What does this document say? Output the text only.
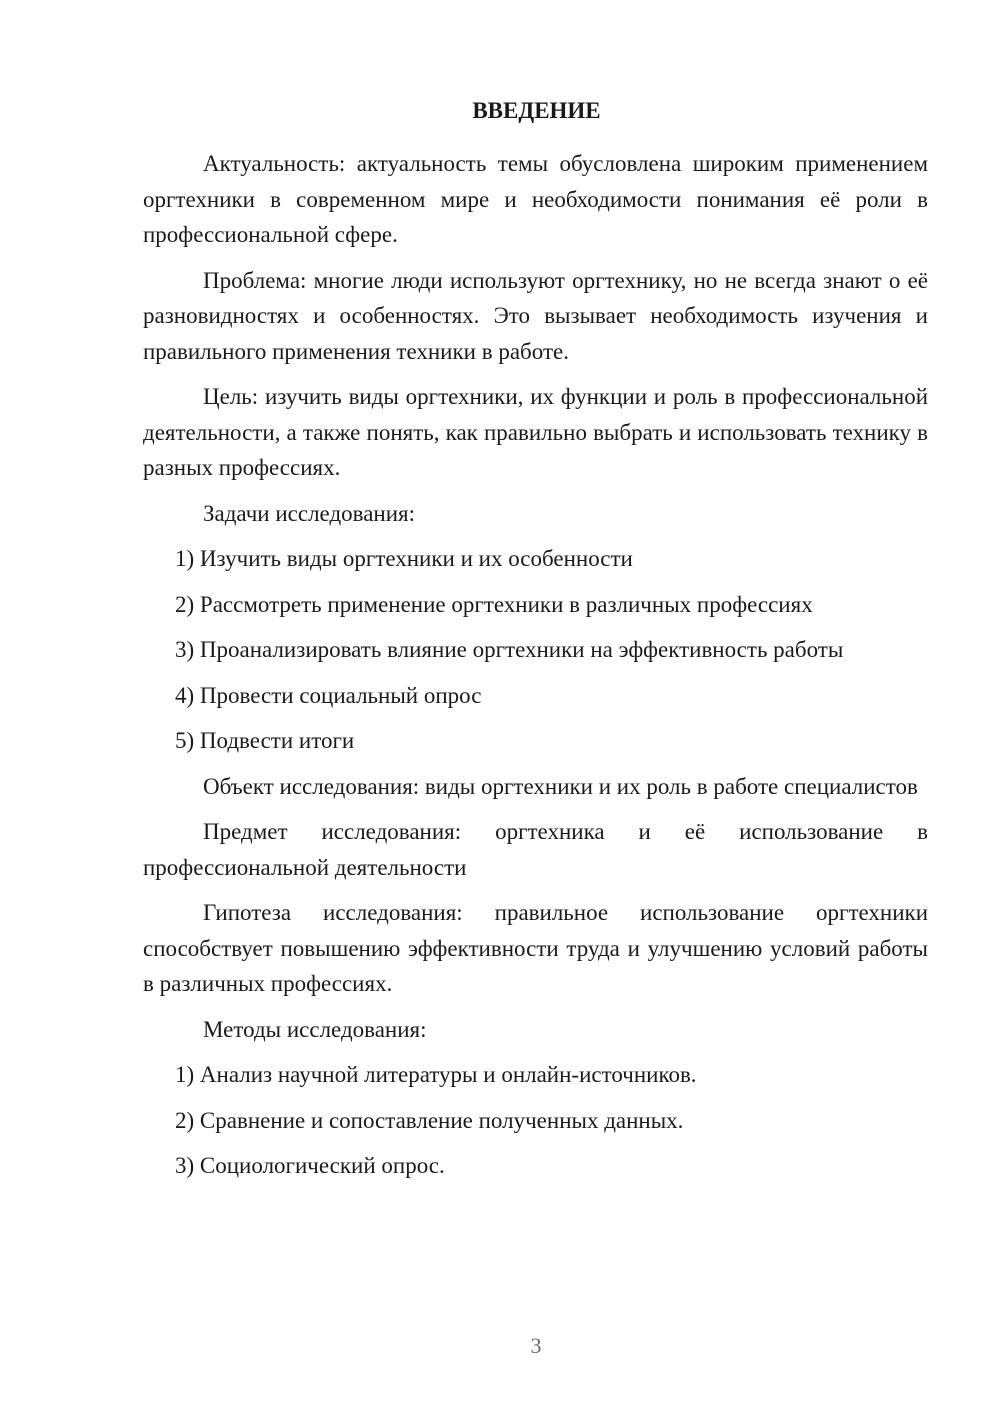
ВВЕДЕНИЕ

Актуальность: актуальность темы обусловлена широким применением оргтехники в современном мире и необходимости понимания её роли в профессиональной сфере.

Проблема: многие люди используют оргтехнику, но не всегда знают о её разновидностях и особенностях. Это вызывает необходимость изучения и правильного применения техники в работе.

Цель: изучить виды оргтехники, их функции и роль в профессиональной деятельности, а также понять, как правильно выбрать и использовать технику в разных профессиях.

Задачи исследования:

1) Изучить виды оргтехники и их особенности

2) Рассмотреть применение оргтехники в различных профессиях

3) Проанализировать влияние оргтехники на эффективность работы

4) Провести социальный опрос

5) Подвести итоги

Объект исследования: виды оргтехники и их роль в работе специалистов

Предмет исследования: оргтехника и её использование в профессиональной деятельности

Гипотеза исследования: правильное использование оргтехники способствует повышению эффективности труда и улучшению условий работы в различных профессиях.

Методы исследования:

1) Анализ научной литературы и онлайн-источников.

2) Сравнение и сопоставление полученных данных.

3) Социологический опрос.

3
